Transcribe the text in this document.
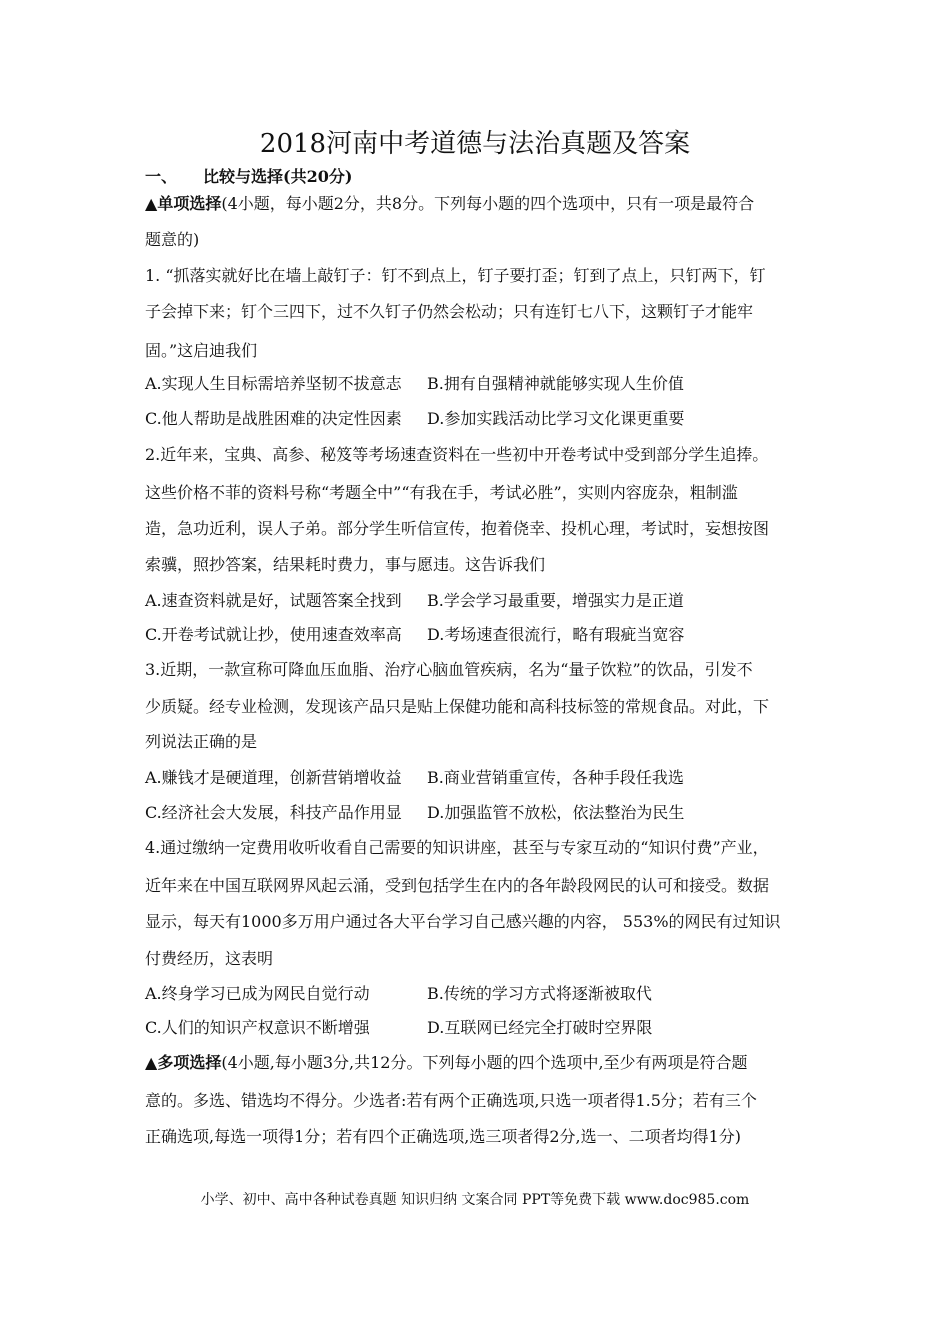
2018河南中考道德与法治真题及答案
一、 比较与选择(共20分)
▲单项选择(4小题，每小题2分，共8分。下列每小题的四个选项中，只有一项是最符合
题意的)
1. “抓落实就好比在墙上敲钉子：钉不到点上，钉子要打歪；钉到了点上，只钉两下，钉
子会掉下来；钉个三四下，过不久钉子仍然会松动；只有连钉七八下，这颗钉子才能牢
固。”这启迪我们
A.实现人生目标需培养坚韧不拔意志 B.拥有自强精神就能够实现人生价值
C.他人帮助是战胜困难的决定性因素 D.参加实践活动比学习文化课更重要
2.近年来，宝典、高参、秘笈等考场速查资料在一些初中开卷考试中受到部分学生追捧。
这些价格不菲的资料号称“考题全中”“有我在手，考试必胜”，实则内容庞杂，粗制滥
造，急功近利，误人子弟。部分学生听信宣传，抱着侥幸、投机心理，考试时，妄想按图
索骥，照抄答案，结果耗时费力，事与愿违。这告诉我们
A.速查资料就是好，试题答案全找到 B.学会学习最重要，增强实力是正道
C.开卷考试就让抄，使用速查效率高 D.考场速查很流行，略有瑕疵当宽容
3.近期，一款宣称可降血压血脂、治疗心脑血管疾病，名为“量子饮粒”的饮品，引发不
少质疑。经专业检测，发现该产品只是贴上保健功能和高科技标签的常规食品。对此，下
列说法正确的是
A.赚钱才是硬道理，创新营销增收益 B.商业营销重宣传，各种手段任我选
C.经济社会大发展，科技产品作用显 D.加强监管不放松，依法整治为民生
4.通过缴纳一定费用收听收看自己需要的知识讲座，甚至与专家互动的“知识付费”产业，
近年来在中国互联网界风起云涌，受到包括学生在内的各年龄段网民的认可和接受。数据
显示，每天有1000多万用户通过各大平台学习自己感兴趣的内容， 553%的网民有过知识
付费经历，这表明
A.终身学习已成为网民自觉行动	B.传统的学习方式将逐渐被取代
C.人们的知识产权意识不断增强	D.互联网已经完全打破时空界限
▲多项选择(4小题,每小题3分,共12分。下列每小题的四个选项中,至少有两项是符合题
意的。多选、错选均不得分。少选者:若有两个正确选项,只选一项者得1.5分；若有三个
正确选项,每选一项得1分；若有四个正确选项,选三项者得2分,选一、二项者均得1分)
小学、初中、高中各种试卷真题 知识归纳 文案合同 PPT等免费下载 www.doc985.com
